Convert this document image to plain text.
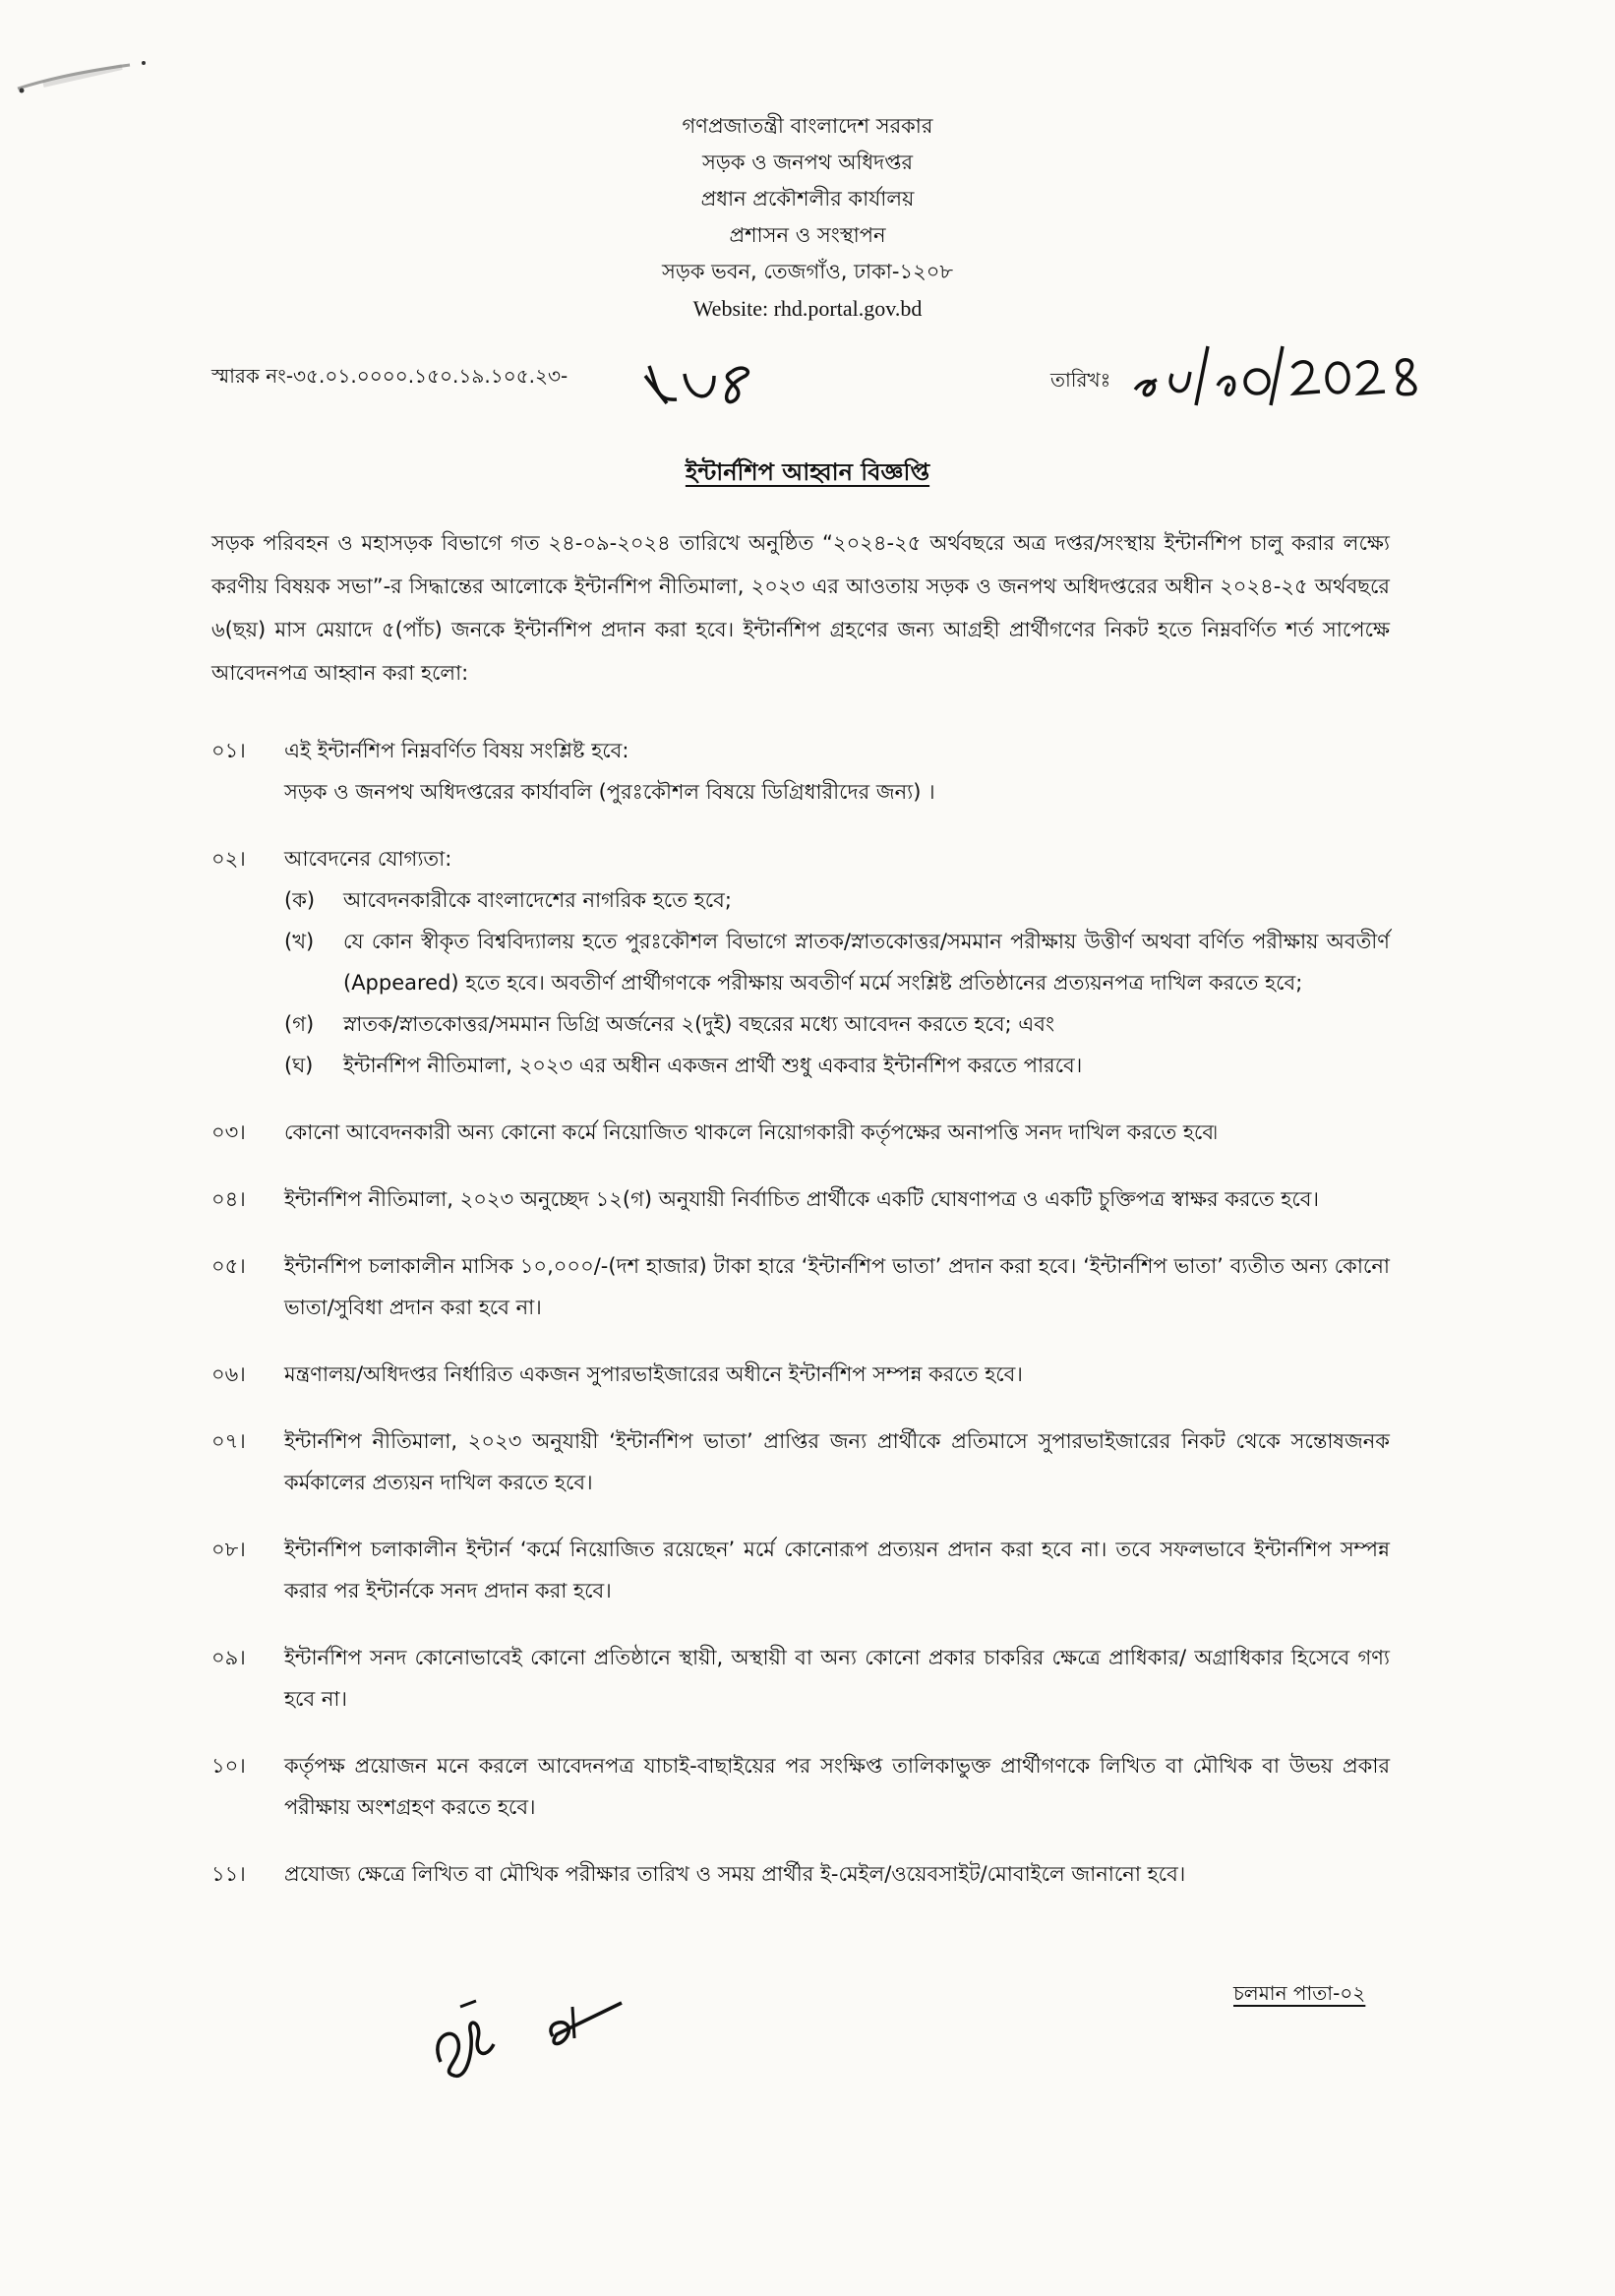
গণপ্রজাতন্ত্রী বাংলাদেশ সরকার
সড়ক ও জনপথ অধিদপ্তর
প্রধান প্রকৌশলীর কার্যালয়
প্রশাসন ও সংস্থাপন
সড়ক ভবন, তেজগাঁও, ঢাকা-১২০৮
Website: rhd.portal.gov.bd
স্মারক নং-৩৫.০১.০০০০.১৫০.১৯.১০৫.২৩-	তারিখঃ
ইন্টার্নশিপ আহ্বান বিজ্ঞপ্তি
সড়ক পরিবহন ও মহাসড়ক বিভাগে গত ২৪-০৯-২০২৪ তারিখে অনুষ্ঠিত “২০২৪-২৫ অর্থবছরে অত্র দপ্তর/সংস্থায় ইন্টার্নশিপ চালু করার লক্ষ্যে করণীয় বিষয়ক সভা”-র সিদ্ধান্তের আলোকে ইন্টার্নশিপ নীতিমালা, ২০২৩ এর আওতায় সড়ক ও জনপথ অধিদপ্তরের অধীন ২০২৪-২৫ অর্থবছরে ৬(ছয়) মাস মেয়াদে ৫(পাঁচ) জনকে ইন্টার্নশিপ প্রদান করা হবে। ইন্টার্নশিপ গ্রহণের জন্য আগ্রহী প্রার্থীগণের নিকট হতে নিম্নবর্ণিত শর্ত সাপেক্ষে আবেদনপত্র আহ্বান করা হলো:
০১।	এই ইন্টার্নশিপ নিম্নবর্ণিত বিষয় সংশ্লিষ্ট হবে:
সড়ক ও জনপথ অধিদপ্তরের কার্যাবলি (পুরঃকৌশল বিষয়ে ডিগ্রিধারীদের জন্য) ।
০২।	আবেদনের যোগ্যতা:
(ক)	আবেদনকারীকে বাংলাদেশের নাগরিক হতে হবে;
(খ)	যে কোন স্বীকৃত বিশ্ববিদ্যালয় হতে পুরঃকৌশল বিভাগে স্নাতক/স্নাতকোত্তর/সমমান পরীক্ষায় উত্তীর্ণ অথবা বর্ণিত পরীক্ষায় অবতীর্ণ (Appeared) হতে হবে। অবতীর্ণ প্রার্থীগণকে পরীক্ষায় অবতীর্ণ মর্মে সংশ্লিষ্ট প্রতিষ্ঠানের প্রত্যয়নপত্র দাখিল করতে হবে;
(গ)	স্নাতক/স্নাতকোত্তর/সমমান ডিগ্রি অর্জনের ২(দুই) বছরের মধ্যে আবেদন করতে হবে; এবং
(ঘ)	ইন্টার্নশিপ নীতিমালা, ২০২৩ এর অধীন একজন প্রার্থী শুধু একবার ইন্টার্নশিপ করতে পারবে।
০৩।	কোনো আবেদনকারী অন্য কোনো কর্মে নিয়োজিত থাকলে নিয়োগকারী কর্তৃপক্ষের অনাপত্তি সনদ দাখিল করতে হবে৷
০৪।	ইন্টার্নশিপ নীতিমালা, ২০২৩ অনুচ্ছেদ ১২(গ) অনুযায়ী নির্বাচিত প্রার্থীকে একটি ঘোষণাপত্র ও একটি চুক্তিপত্র স্বাক্ষর করতে হবে।
০৫।	ইন্টার্নশিপ চলাকালীন মাসিক ১০,০০০/-(দশ হাজার) টাকা হারে ‘ইন্টার্নশিপ ভাতা’ প্রদান করা হবে। ‘ইন্টার্নশিপ ভাতা’ ব্যতীত অন্য কোনো ভাতা/সুবিধা প্রদান করা হবে না।
০৬।	মন্ত্রণালয়/অধিদপ্তর নির্ধারিত একজন সুপারভাইজারের অধীনে ইন্টার্নশিপ সম্পন্ন করতে হবে।
০৭।	ইন্টার্নশিপ নীতিমালা, ২০২৩ অনুযায়ী ‘ইন্টার্নশিপ ভাতা’ প্রাপ্তির জন্য প্রার্থীকে প্রতিমাসে সুপারভাইজারের নিকট থেকে সন্তোষজনক কর্মকালের প্রত্যয়ন দাখিল করতে হবে।
০৮।	ইন্টার্নশিপ চলাকালীন ইন্টার্ন ‘কর্মে নিয়োজিত রয়েছেন’ মর্মে কোনোরূপ প্রত্যয়ন প্রদান করা হবে না। তবে সফলভাবে ইন্টার্নশিপ সম্পন্ন করার পর ইন্টার্নকে সনদ প্রদান করা হবে।
০৯।	ইন্টার্নশিপ সনদ কোনোভাবেই কোনো প্রতিষ্ঠানে স্থায়ী, অস্থায়ী বা অন্য কোনো প্রকার চাকরির ক্ষেত্রে প্রাধিকার/ অগ্রাধিকার হিসেবে গণ্য হবে না।
১০।	কর্তৃপক্ষ প্রয়োজন মনে করলে আবেদনপত্র যাচাই-বাছাইয়ের পর সংক্ষিপ্ত তালিকাভুক্ত প্রার্থীগণকে লিখিত বা মৌখিক বা উভয় প্রকার পরীক্ষায় অংশগ্রহণ করতে হবে।
১১।	প্রযোজ্য ক্ষেত্রে লিখিত বা মৌখিক পরীক্ষার তারিখ ও সময় প্রার্থীর ই-মেইল/ওয়েবসাইট/মোবাইলে জানানো হবে।
চলমান পাতা-০২
